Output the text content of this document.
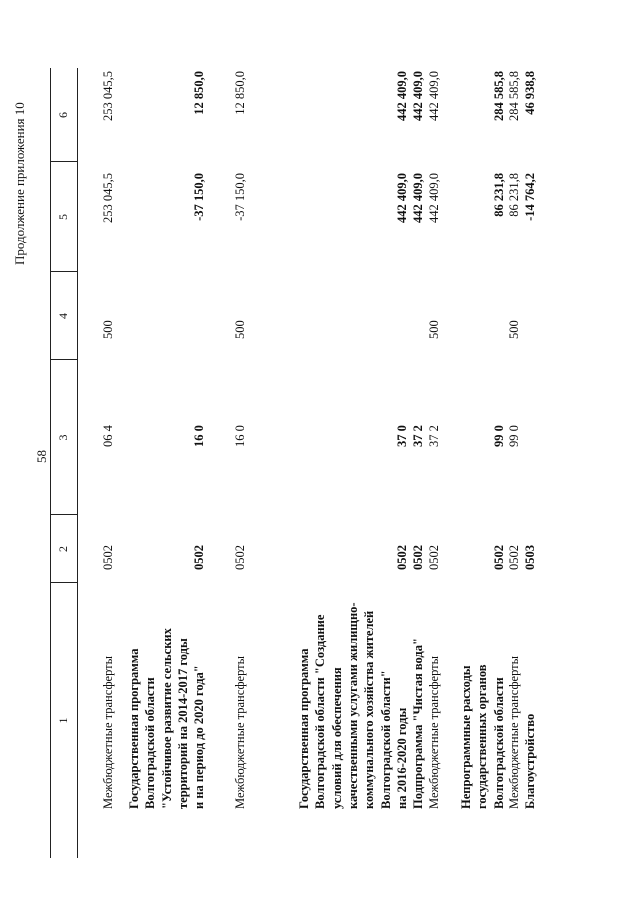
58
Продолжение приложения 10
1
2
3
4
5
6
Межбюджетные трансферты
0502
06 4
500
253 045,5
253 045,5
Государственная программа Волгоградской области "Устойчивое развитие сельских территорий на 2014-2017 годы и на период до 2020 года"
0502
16 0
-37 150,0
12 850,0
Межбюджетные трансферты
0502
16 0
500
-37 150,0
12 850,0
Государственная программа Волгоградской области "Создание условий для обеспечения качественными услугами жилищно- коммунального хозяйства жителей Волгоградской области" на 2016-2020 годы
0502
37 0
442 409,0
442 409,0
Подпрограмма "Чистая вода"
0502
37 2
442 409,0
442 409,0
Межбюджетные трансферты
0502
37 2
500
442 409,0
442 409,0
Непрограммные расходы государственных органов Волгоградской области
0502
99 0
86 231,8
284 585,8
Межбюджетные трансферты
0502
99 0
500
86 231,8
284 585,8
Благоустройство
0503
-14 764,2
46 938,8
